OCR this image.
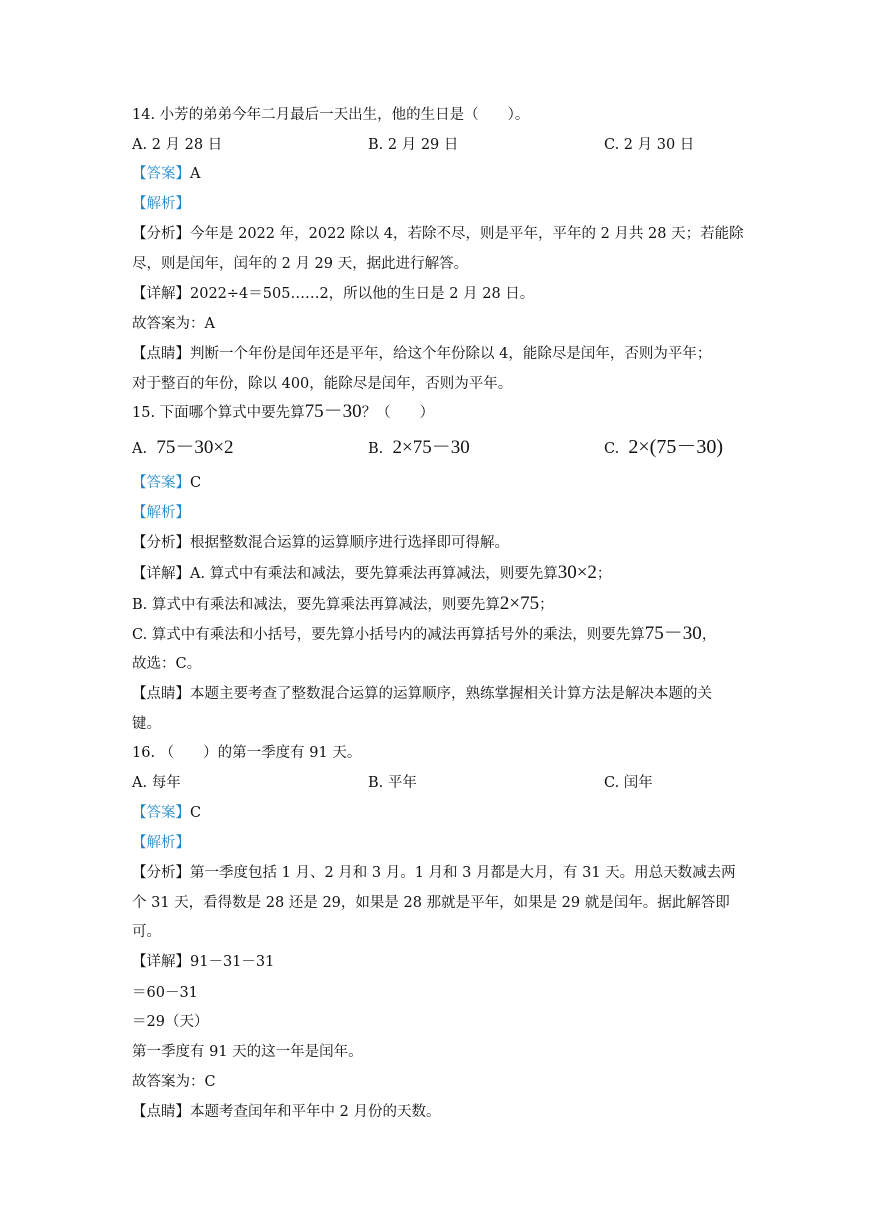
14. 小芳的弟弟今年二月最后一天出生，他的生日是（　　）。
A. 2 月 28 日	B. 2 月 29 日	C. 2 月 30 日
【答案】A
【解析】
【分析】今年是 2022 年，2022 除以 4，若除不尽，则是平年，平年的 2 月共 28 天；若能除
尽，则是闰年，闰年的 2 月 29 天，据此进行解答。
【详解】2022÷4＝505……2，所以他的生日是 2 月 28 日。
故答案为：A
【点睛】判断一个年份是闰年还是平年，给这个年份除以 4，能除尽是闰年，否则为平年；
对于整百的年份，除以 400，能除尽是闰年，否则为平年。
15. 下面哪个算式中要先算75－30？（　　）
A. 75－30×2	B. 2×75－30	C. 2×(75－30)
【答案】C
【解析】
【分析】根据整数混合运算的运算顺序进行选择即可得解。
【详解】A. 算式中有乘法和减法，要先算乘法再算减法，则要先算30×2；
B. 算式中有乘法和减法，要先算乘法再算减法，则要先算2×75；
C. 算式中有乘法和小括号，要先算小括号内的减法再算括号外的乘法，则要先算75－30，
故选：C。
【点睛】本题主要考查了整数混合运算的运算顺序，熟练掌握相关计算方法是解决本题的关
键。
16. （　　）的第一季度有 91 天。
A. 每年	B. 平年	C. 闰年
【答案】C
【解析】
【分析】第一季度包括 1 月、2 月和 3 月。1 月和 3 月都是大月，有 31 天。用总天数减去两
个 31 天，看得数是 28 还是 29，如果是 28 那就是平年，如果是 29 就是闰年。据此解答即
可。
【详解】91－31－31
＝60－31
＝29（天）
第一季度有 91 天的这一年是闰年。
故答案为：C
【点睛】本题考查闰年和平年中 2 月份的天数。
